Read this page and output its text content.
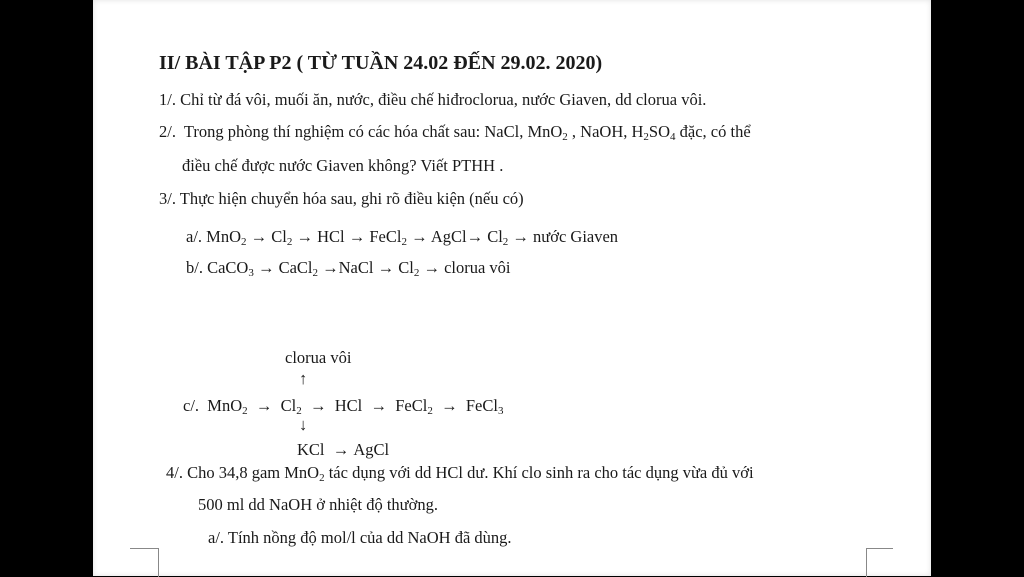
II/ BÀI TẬP P2 ( TỪ TUẦN 24.02 ĐẾN 29.02. 2020)
1/. Chỉ từ đá vôi, muối ăn, nước, điều chế hiđroclorua, nước Giaven, dd clorua vôi.
2/. Trong phòng thí nghiệm có các hóa chất sau: NaCl, MnO$_2$ , NaOH, $H_2SO_4$ đặc, có thể
điều chế được nước Giaven không? Viết PTHH .
3/. Thực hiện chuyển hóa sau, ghi rõ điều kiện (nếu có)
a/. $MnO_2 \to Cl_2$ → HCl → FeCl$_2$ → AgCl→ $Cl_2$ → nước Giaven
b/. CaCO$_3$ → CaCl$_2$ →NaCl → $Cl_2$ → clorua vôi
clorua vôi
↑
c/. $MnO_2 \to Cl_2$ → HCl → FeCl$_2$ → FeCl$_3$
↓
KCl → AgCl
4/. Cho 34,8 gam MnO$_2$ tác dụng với dd HCl dư. Khí clo sinh ra cho tác dụng vừa đủ với
500 ml dd NaOH ở nhiệt độ thường.
a/. Tính nồng độ mol/l của dd NaOH đã dùng.
